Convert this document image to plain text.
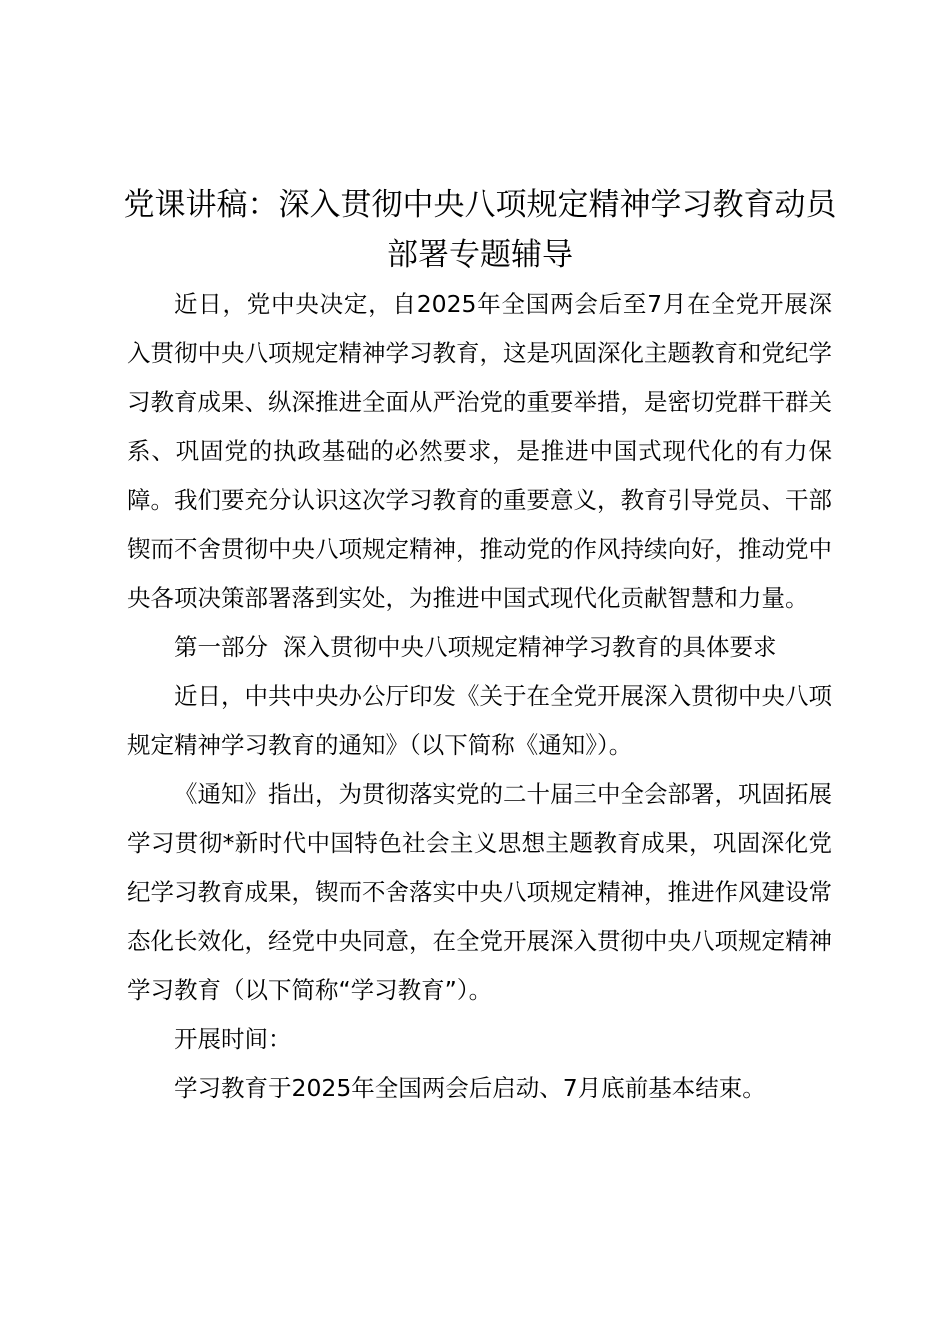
党课讲稿：深入贯彻中央八项规定精神学习教育动员部署专题辅导

近日，党中央决定，自2025年全国两会后至7月在全党开展深入贯彻中央八项规定精神学习教育，这是巩固深化主题教育和党纪学习教育成果、纵深推进全面从严治党的重要举措，是密切党群干群关系、巩固党的执政基础的必然要求，是推进中国式现代化的有力保障。我们要充分认识这次学习教育的重要意义，教育引导党员、干部锲而不舍贯彻中央八项规定精神，推动党的作风持续向好，推动党中央各项决策部署落到实处，为推进中国式现代化贡献智慧和力量。

第一部分  深入贯彻中央八项规定精神学习教育的具体要求

近日，中共中央办公厅印发《关于在全党开展深入贯彻中央八项规定精神学习教育的通知》（以下简称《通知》）。

《通知》指出，为贯彻落实党的二十届三中全会部署，巩固拓展学习贯彻*新时代中国特色社会主义思想主题教育成果，巩固深化党纪学习教育成果，锲而不舍落实中央八项规定精神，推进作风建设常态化长效化，经党中央同意，在全党开展深入贯彻中央八项规定精神学习教育（以下简称“学习教育”）。

开展时间：

学习教育于2025年全国两会后启动、7月底前基本结束。
